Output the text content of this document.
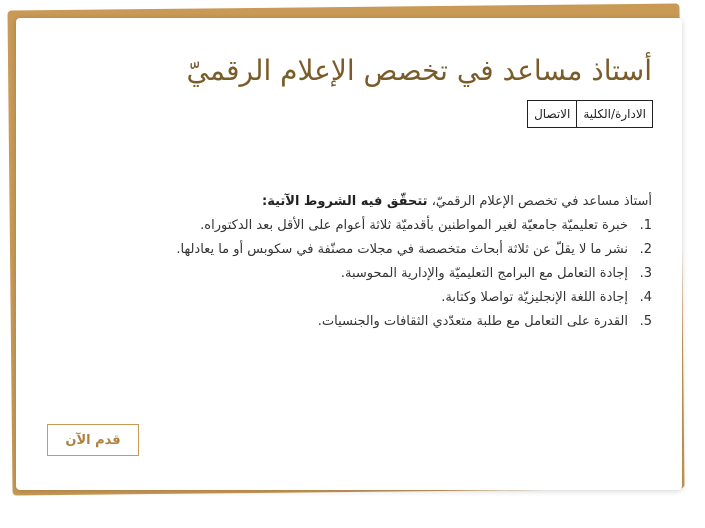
أستاذ مساعد في تخصص الإعلام الرقميّ
الادارة/الكلية
الاتصال
أستاذ مساعد في تخصص الإعلام الرقميّ، تتحقّق فيه الشروط الآتية:
1.
خبرة تعليميّة جامعيّة لغير المواطنين بأقدميّة ثلاثة أعوام على الأقل بعد الدكتوراه.
2.
نشر ما لا يقلّ عن ثلاثة أبحاث متخصصة في مجلات مصنّفة في سكوبس أو ما يعادلها.
3.
إجادة التعامل مع البرامج التعليميّة والإدارية المحوسبة.
4.
إجادة اللغة الإنجليزيّة تواصلا وكتابة.
5.
القدرة على التعامل مع طلبة متعدّدي الثقافات والجنسيات.
قدم الآن
